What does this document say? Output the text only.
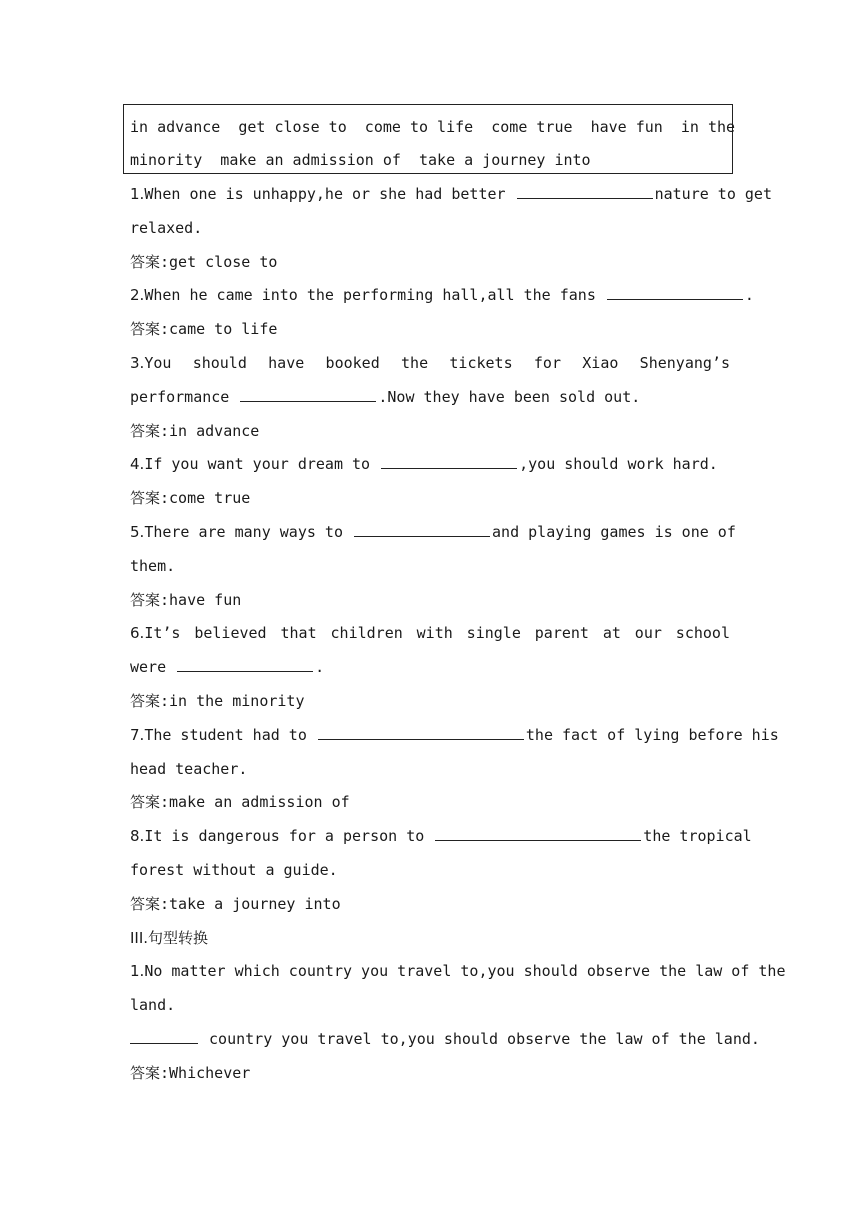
in advance  get close to  come to life  come true  have fun  in the
minority  make an admission of  take a journey into
1.When one is unhappy,he or she had better	nature to get
relaxed.
答案:get close to
2.When he came into the performing hall,all the fans	.
答案:came to life
3.You should have booked the tickets for Xiao Shenyang’s
performance	.Now they have been sold out.
答案:in advance
4.If you want your dream to	,you should work hard.
答案:come true
5.There are many ways to	and playing games is one of
them.
答案:have fun
6.It’s believed that children with single parent at our school
were	.
答案:in the minority
7.The student had to	the fact of lying before his
head teacher.
答案:make an admission of
8.It is dangerous for a person to	the tropical
forest without a guide.
答案:take a journey into
III.句型转换
1.No matter which country you travel to,you should observe the law of the
land.
country you travel to,you should observe the law of the land.
答案:Whichever
